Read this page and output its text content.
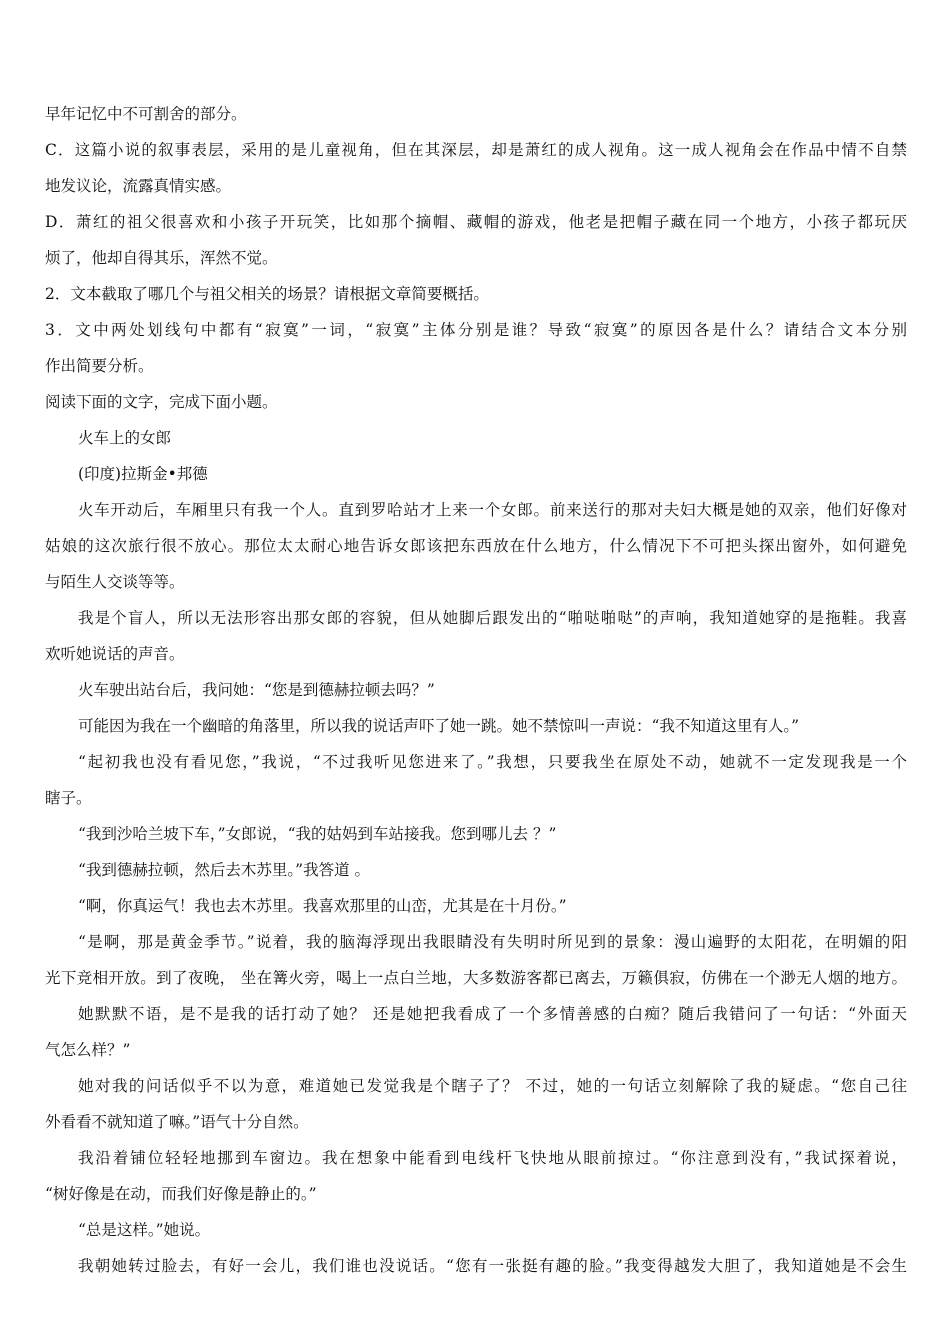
早年记忆中不可割舍的部分。

C．这篇小说的叙事表层，采用的是儿童视角，但在其深层，却是萧红的成人视角。这一成人视角会在作品中情不自禁

地发议论，流露真情实感。

D．萧红的祖父很喜欢和小孩子开玩笑，比如那个摘帽、藏帽的游戏，他老是把帽子藏在同一个地方，小孩子都玩厌

烦了，他却自得其乐，浑然不觉。

2．文本截取了哪几个与祖父相关的场景？请根据文章简要概括。

3．文中两处划线句中都有“寂寞”一词，“寂寞”主体分别是谁？导致“寂寞”的原因各是什么？请结合文本分别

作出简要分析。

阅读下面的文字，完成下面小题。

火车上的女郎

(印度)拉斯金•邦德

火车开动后，车厢里只有我一个人。直到罗哈站才上来一个女郎。前来送行的那对夫妇大概是她的双亲，他们好像对

姑娘的这次旅行很不放心。那位太太耐心地告诉女郎该把东西放在什么地方，什么情况下不可把头探出窗外，如何避免

与陌生人交谈等等。

我是个盲人，所以无法形容出那女郎的容貌，但从她脚后跟发出的“啪哒啪哒”的声响，我知道她穿的是拖鞋。我喜

欢听她说话的声音。

火车驶出站台后，我问她：“您是到德赫拉顿去吗？”

可能因为我在一个幽暗的角落里，所以我的说话声吓了她一跳。她不禁惊叫一声说：“我不知道这里有人。”

“起初我也没有看见您，”我说，“不过我听见您进来了。”我想，只要我坐在原处不动，她就不一定发现我是一个

瞎子。

“我到沙哈兰坡下车，”女郎说，“我的姑妈到车站接我。您到哪儿去 ？”

“我到德赫拉顿，然后去木苏里。”我答道 。

“啊，你真运气！我也去木苏里。我喜欢那里的山峦，尤其是在十月份。”

“是啊，那是黄金季节。”说着，我的脑海浮现出我眼睛没有失明时所见到的景象：漫山遍野的太阳花，在明媚的阳

光下竞相开放。到了夜晚， 坐在篝火旁，喝上一点白兰地，大多数游客都已离去，万籁俱寂，仿佛在一个渺无人烟的地方。

她默默不语，是不是我的话打动了她？ 还是她把我看成了一个多情善感的白痴？随后我错问了一句话：“外面天

气怎么样？”

她对我的问话似乎不以为意，难道她已发觉我是个瞎子了？ 不过，她的一句话立刻解除了我的疑虑。“您自己往

外看看不就知道了嘛。”语气十分自然。

我沿着铺位轻轻地挪到车窗边。我在想象中能看到电线杆飞快地从眼前掠过。“你注意到没有，”我试探着说，

“树好像是在动，而我们好像是静止的。”

“总是这样。”她说。

我朝她转过脸去，有好一会儿，我们谁也没说话。“您有一张挺有趣的脸。”我变得越发大胆了，我知道她是不会生
